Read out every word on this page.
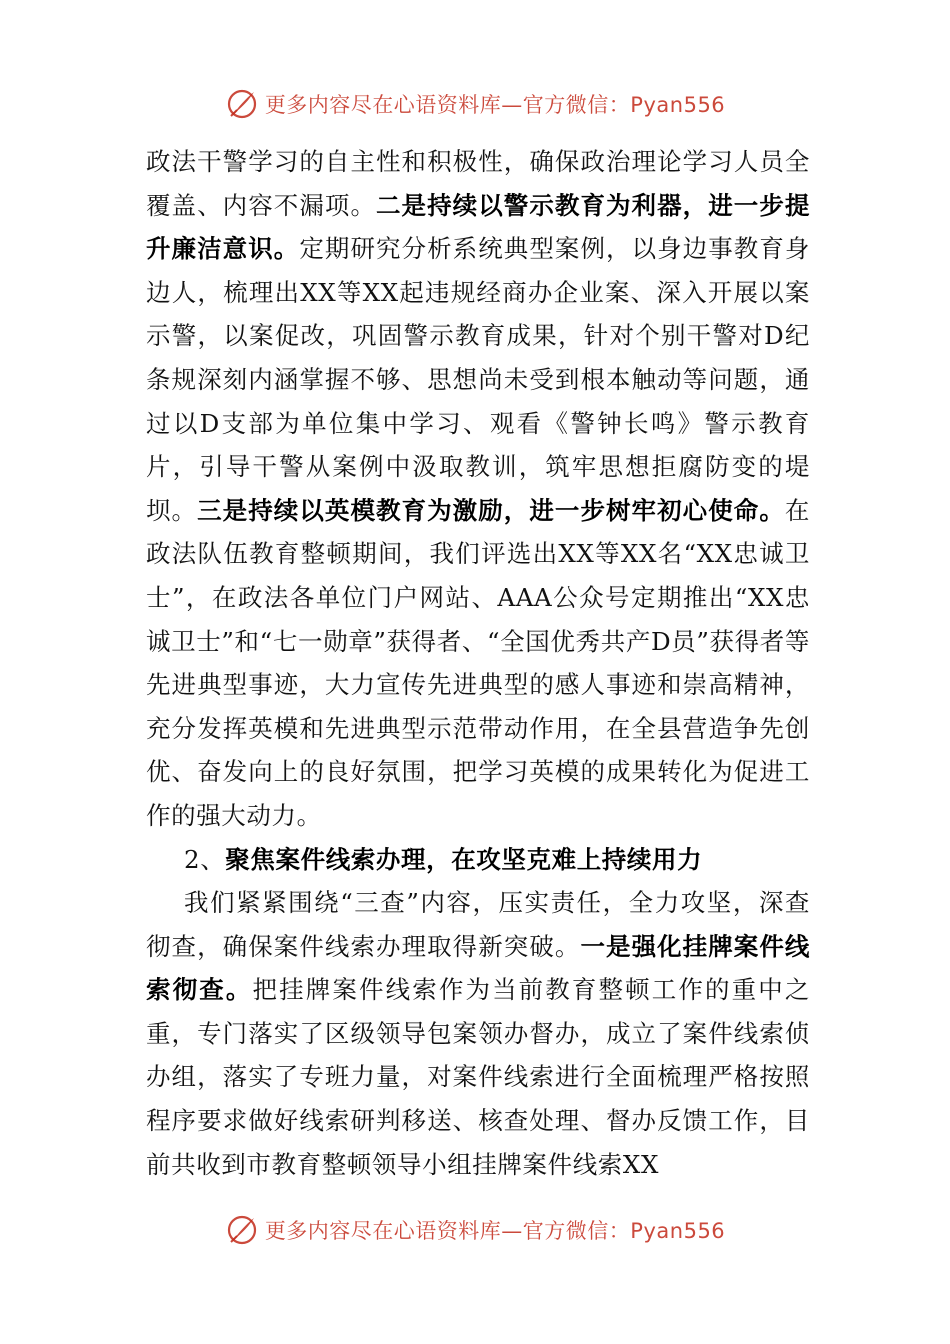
更多内容尽在心语资料库—官方微信：Pyan556

政法干警学习的自主性和积极性，确保政治理论学习人员全覆盖、内容不漏项。二是持续以警示教育为利器，进一步提升廉洁意识。定期研究分析系统典型案例，以身边事教育身边人，梳理出XX等XX起违规经商办企业案、深入开展以案示警，以案促改，巩固警示教育成果，针对个别干警对D纪条规深刻内涵掌握不够、思想尚未受到根本触动等问题，通过以D支部为单位集中学习、观看《警钟长鸣》警示教育片，引导干警从案例中汲取教训，筑牢思想拒腐防变的堤坝。三是持续以英模教育为激励，进一步树牢初心使命。在政法队伍教育整顿期间，我们评选出XX等XX名“XX忠诚卫士”，在政法各单位门户网站、AAA公众号定期推出“XX忠诚卫士”和“七一勋章”获得者、“全国优秀共产D员”获得者等先进典型事迹，大力宣传先进典型的感人事迹和崇高精神，充分发挥英模和先进典型示范带动作用，在全县营造争先创优、奋发向上的良好氛围，把学习英模的成果转化为促进工作的强大动力。

2、聚焦案件线索办理，在攻坚克难上持续用力

我们紧紧围绕“三查”内容，压实责任，全力攻坚，深查彻查，确保案件线索办理取得新突破。一是强化挂牌案件线索彻查。把挂牌案件线索作为当前教育整顿工作的重中之重，专门落实了区级领导包案领办督办，成立了案件线索侦办组，落实了专班力量，对案件线索进行全面梳理严格按照程序要求做好线索研判移送、核查处理、督办反馈工作，目前共收到市教育整顿领导小组挂牌案件线索XX

更多内容尽在心语资料库—官方微信：Pyan556
